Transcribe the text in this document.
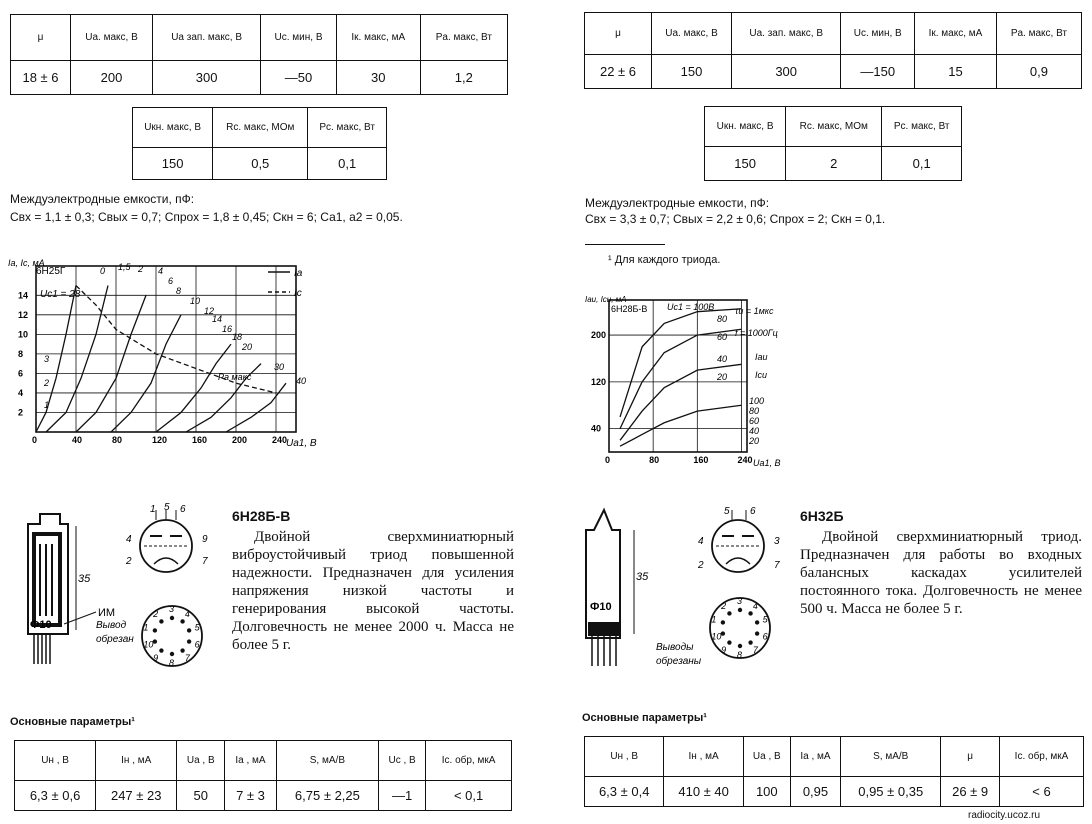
μ	Uа. макс, В	Uа зап. макс, В	Uс. мин, В	Iк. макс, мА	Pа. макс, Вт
18 ± 6	200	300	—50	30	1,2
Uкн. макс, В	Rс. макс, МОм	Pс. макс, Вт
150	0,5	0,1
Междуэлектродные емкости, пФ:
Свх = 1,1 ± 0,3; Свых = 0,7; Спрох = 1,8 ± 0,45; Скн = 6; Са1, а2 = 0,05.
0	40	80	120	160	200	240
2
4
6
8
10
12
14
6Н25Г
Iа, Iс, мА
Uа1, В
Uс1 = 28
Pа макс
Iа
Iс
0 1,5 2 4
6
8
10
12
14
16
18
20
30
40
3
2
1
35
Ф10
ИМ
1 5 6
4
2
9
7
2
3
4
5
6
7
8
9
10
1
Вывод
обрезан
6Н28Б-В
Двойной сверхминиатюрный виброустойчивый триод повышенной надежности. Предназначен для усиления напряжения низкой частоты и генерирования высокой частоты. Долговечность не менее 2000 ч. Масса не более 5 г.
Основные параметры¹
Uн , В	Iн , мА	Uа , В	Iа , мА	S, мА/В	Uс , В	Iс. обр, мкА
6,3 ± 0,6	247 ± 23	50	7 ± 3	6,75 ± 2,25	—1	< 0,1
μ	Uа. макс, В	Uа. зап. макс, В	Uс. мин, В	Iк. макс, мА	Pа. макс, Вт
22 ± 6	150	300	—150	15	0,9
Uкн. макс, В	Rс. макс, МОм	Pс. макс, Вт
150	2	0,1
Междуэлектродные емкости, пФ:
Свх = 3,3 ± 0,7; Свых = 2,2 ± 0,6; Спрох = 2; Скн = 0,1.
¹ Для каждого триода.
0	80	160	240
40
120
200
6Н28Б-В
Iаи, Iси, мА
Uа1, В
Uс1 = 100В τи = 1мкс
f = 1000Гц
Iаи
Iси
80
60
40
20
100
80
60
40
20
35
Ф10
5 6
4
2
3
7
2
3
4
5
6
7
8
9
10
1
Выводы
обрезаны
6Н32Б
Двойной сверхминиатюрный триод. Предназначен для работы во входных балансных каскадах усилителей постоянного тока. Долговечность не менее 500 ч. Масса не более 5 г.
Основные параметры¹
Uн , В	Iн , мА	Uа , В	Iа , мА	S, мА/В	μ	Iс. обр, мкА
6,3 ± 0,4	410 ± 40	100	0,95	0,95 ± 0,35	26 ± 9	< 6
radiocity.ucoz.ru
